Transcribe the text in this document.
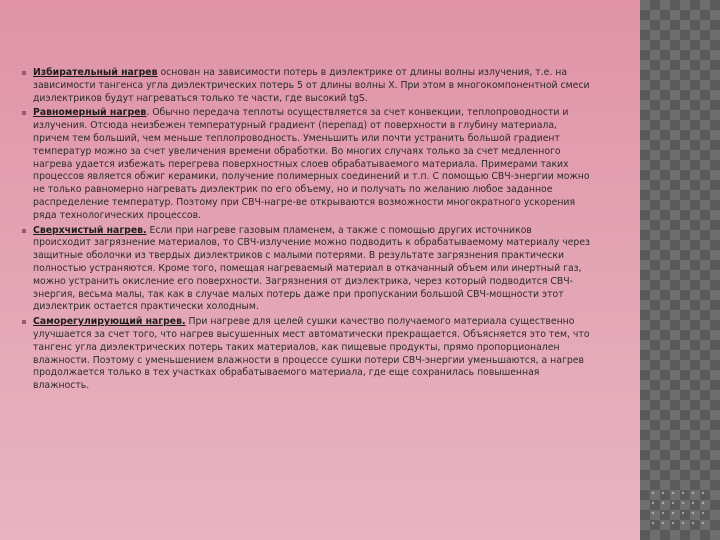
Избирательный нагрев основан на зависимости потерь в диэлектрике от длины волны излучения, т.е. на зависимости тангенса угла диэлектрических потерь 5 от длины волны Х. При этом в многокомпонентной смеси диэлектриков будут нагреваться только те части, где высокий tgS.
Равномерный нагрев. Обычно передача теплоты осуществляется за счет конвекции, теплопроводности и излучения. Отсюда неизбежен температурный градиент (перепад) от поверхности в глубину материала, причем тем больший, чем меньше теплопроводность. Уменьшить или почти устранить большой градиент температур можно за счет увеличения времени обработки. Во многих случаях только за счет медленного нагрева удается избежать перегрева поверхностных слоев обрабатываемого материала. Примерами таких процессов является обжиг керамики, получение полимерных соединений и т.п. С помощью СВЧ-энергии можно не только равномерно нагревать диэлектрик по его объему, но и получать по желанию любое заданное распределение температур. Поэтому при СВЧ-нагре-ве открываются возможности многократного ускорения ряда технологических процессов.
Сверхчистый нагрев. Если при нагреве газовым пламенем, а также с помощью других источников происходит загрязнение материалов, то СВЧ-излучение можно подводить к обрабатываемому материалу через защитные оболочки из твердых диэлектриков с малыми потерями. В результате загрязнения практически полностью устраняются. Кроме того, помещая нагреваемый материал в откачанный объем или инертный газ, можно устранить окисление его поверхности. Загрязнения от диэлектрика, через который подводится СВЧ-энергия, весьма малы, так как в случае малых потерь даже при пропускании большой СВЧ-мощности этот диэлектрик остается практически холодным.
Саморегулирующий нагрев. При нагреве для целей сушки качество получаемого материала существенно улучшается за счет того, что нагрев высушенных мест автоматически прекращается. Объясняется это тем, что тангенс угла диэлектрических потерь таких материалов, как пищевые продукты, прямо пропорционален влажности. Поэтому с уменьшением влажности в процессе сушки потери СВЧ-энергии уменьшаются, а нагрев продолжается только в тех участках обрабатываемого материала, где еще сохранилась повышенная влажность.
